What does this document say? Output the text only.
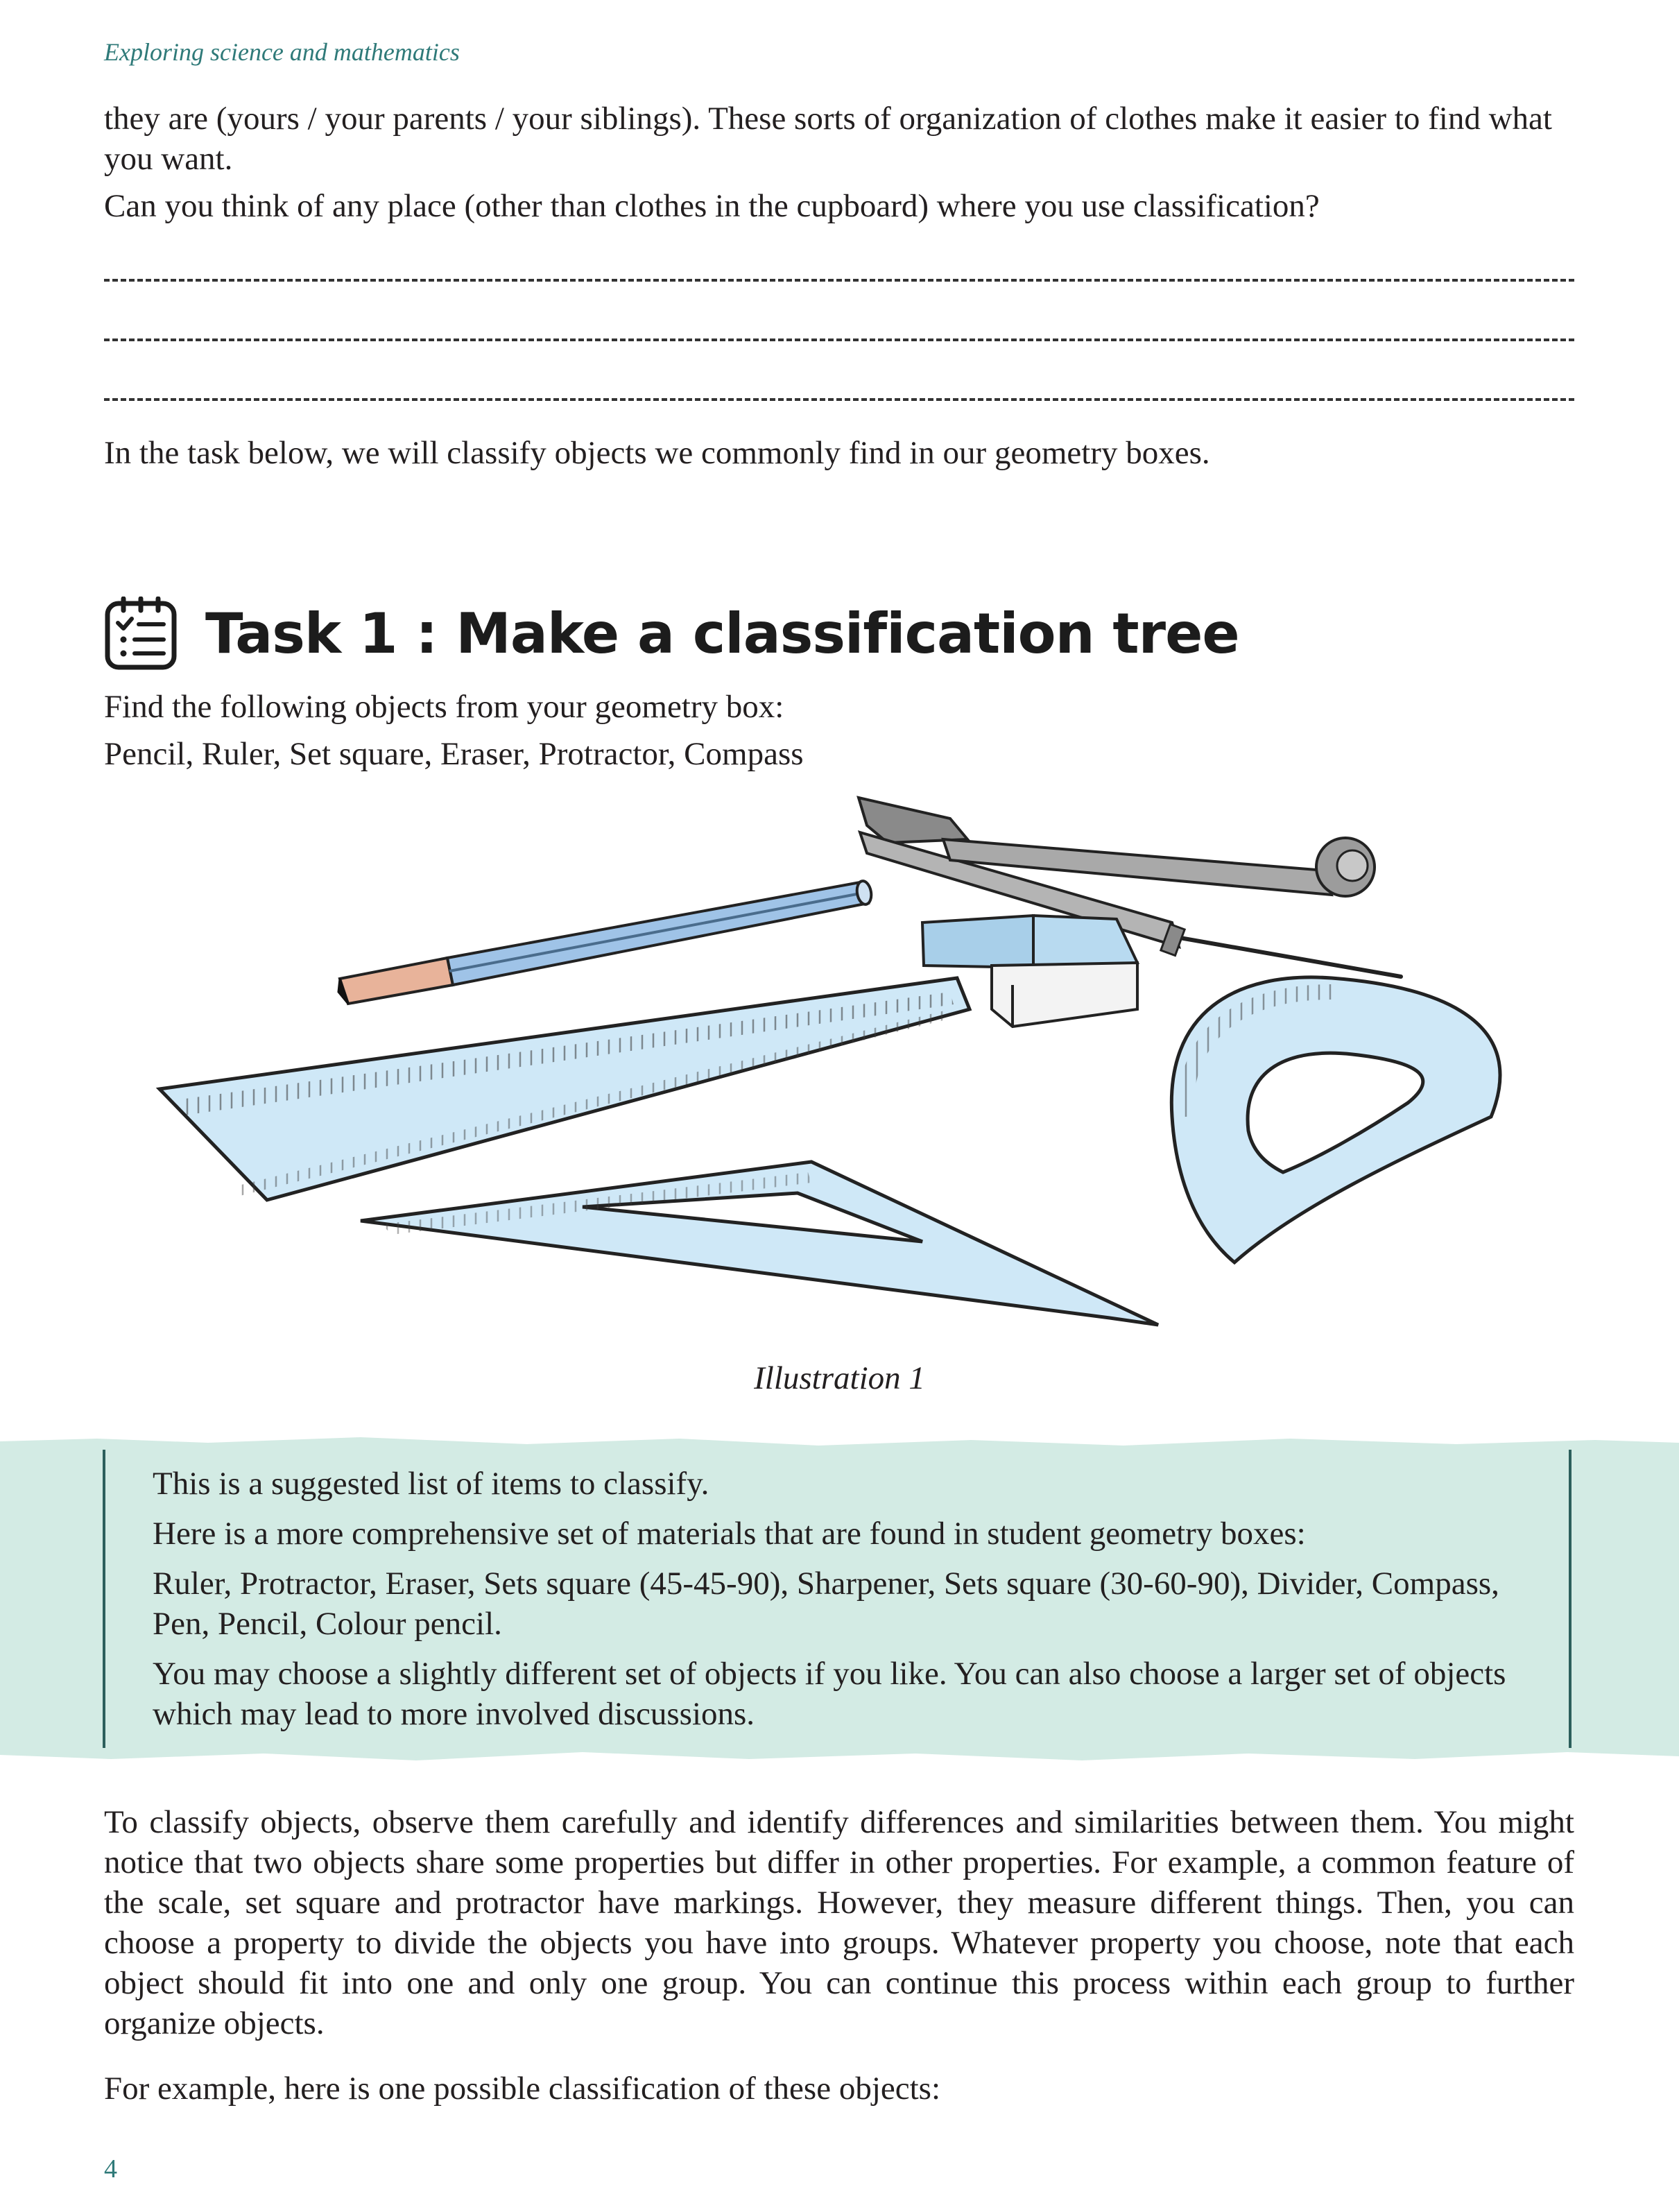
Exploring science and mathematics

they are (yours / your parents / your siblings). These sorts of organization of clothes make it easier to find what you want.

Can you think of any place (other than clothes in the cupboard) where you use classification?

In the task below, we will classify objects we commonly find in our geometry boxes.

Task 1 : Make a classification tree

Find the following objects from your geometry box:

Pencil, Ruler, Set square, Eraser, Protractor, Compass

Illustration 1

This is a suggested list of items to classify.

Here is a more comprehensive set of materials that are found in student geometry boxes:

Ruler, Protractor, Eraser, Sets square (45-45-90), Sharpener, Sets square (30-60-90), Divider, Compass, Pen, Pencil, Colour pencil.

You may choose a slightly different set of objects if you like. You can also choose a larger set of objects which may lead to more involved discussions.

To classify objects, observe them carefully and identify differences and similarities between them. You might notice that two objects share some properties but differ in other properties. For example, a common feature of the scale, set square and protractor have markings. However, they measure different things. Then, you can choose a property to divide the objects you have into groups. Whatever property you choose, note that each object should fit into one and only one group. You can continue this process within each group to further organize objects.

For example, here is one possible classification of these objects:

4
